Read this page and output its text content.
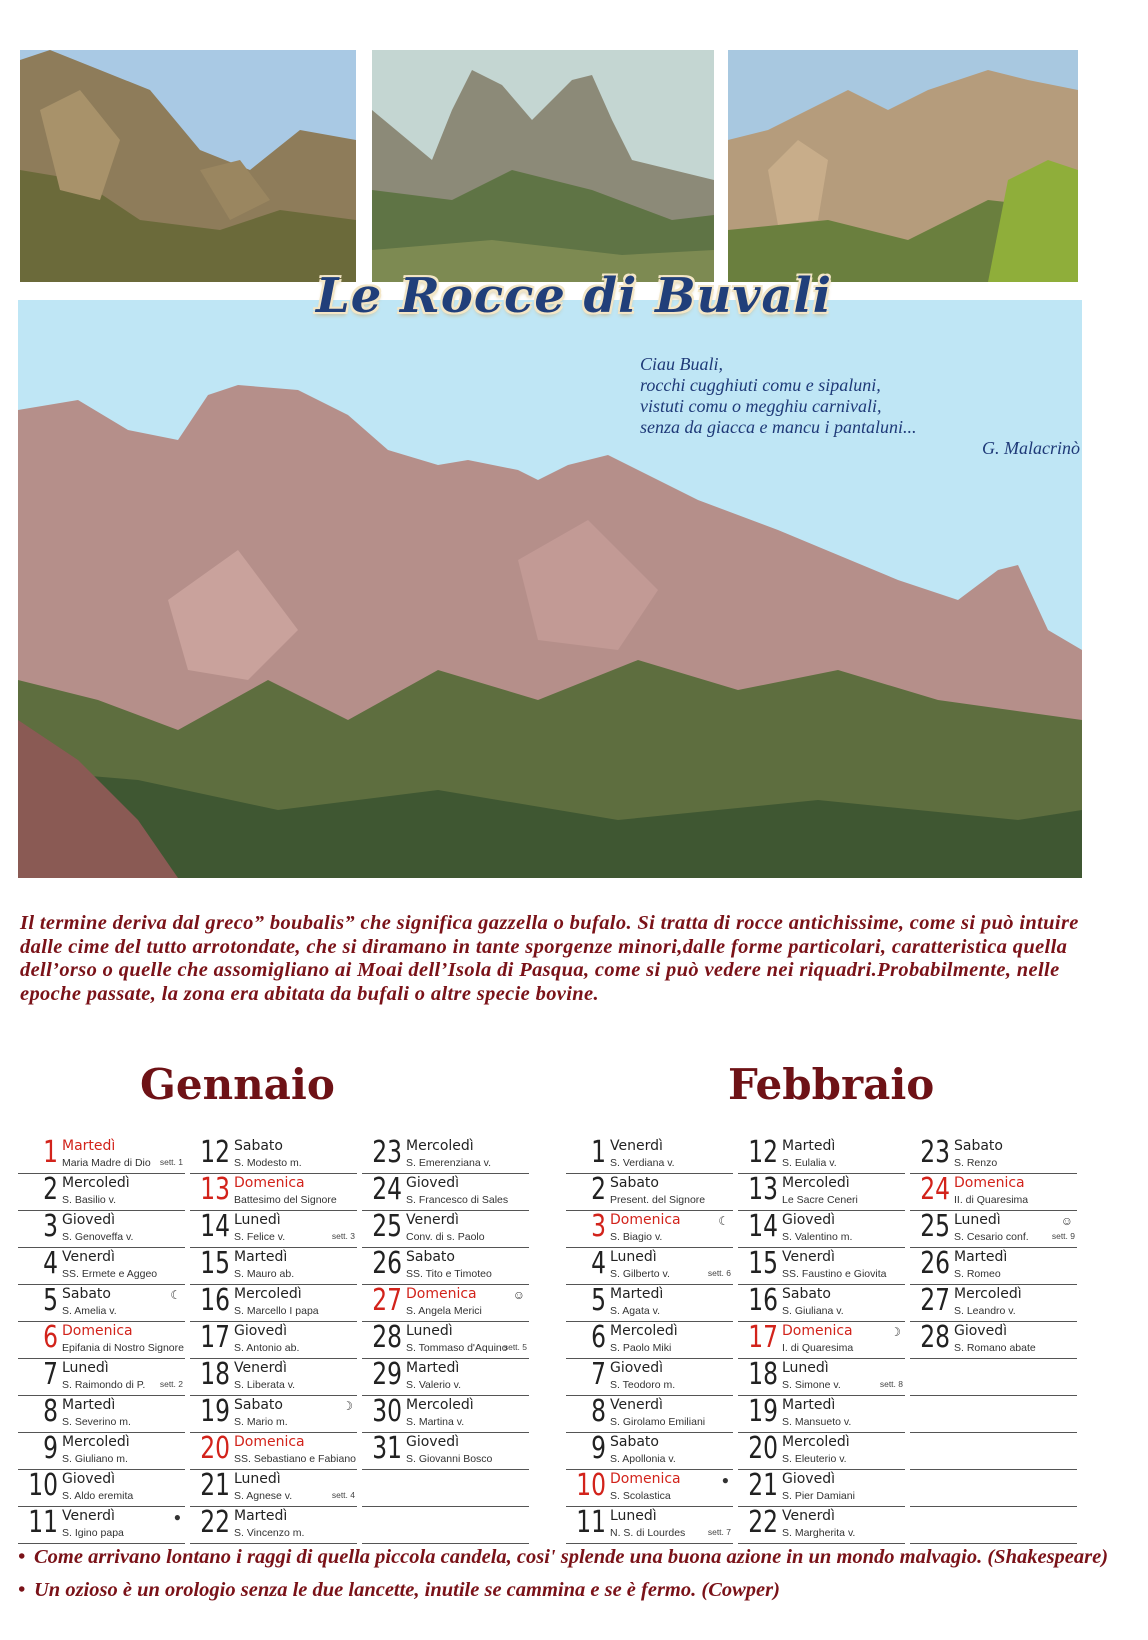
Le Rocce di Buvali
Ciau Buali,
rocchi cugghiuti comu e sipaluni,
vistuti comu o megghiu carnivali,
senza da giacca e mancu i pantaluni...
G. Malacrinò
Il termine deriva dal greco” boubalis” che significa gazzella o bufalo. Si tratta di rocce antichissime, come si può intuire dalle cime del tutto arrotondate, che si diramano in tante sporgenze minori,dalle forme particolari, caratteristica quella dell’orso o quelle che assomigliano ai Moai dell’Isola di Pasqua, come si può vedere nei riquadri.Probabilmente, nelle epoche passate, la zona era abitata da bufali o altre specie bovine.
Gennaio	Febbraio
1 Martedì
Maria Madre di Dio sett. 1
2 Mercoledì
S. Basilio v.
3 Giovedì
S. Genoveffa v.
4 Venerdì
SS. Ermete e Aggeo
5 Sabato
S. Amelia v.
☾
6 Domenica
Epifania di Nostro Signore
7 Lunedì
S. Raimondo di P. sett. 2
8 Martedì
S. Severino m.
9 Mercoledì
S. Giuliano m.
10 Giovedì
S. Aldo eremita
11 Venerdì
S. Igino papa
●
12 Sabato
S. Modesto m.
13 Domenica
Battesimo del Signore
14 Lunedì
S. Felice v.	sett. 3
15 Martedì
S. Mauro ab.
16 Mercoledì
S. Marcello I papa
17 Giovedì
S. Antonio ab.
18 Venerdì
S. Liberata v.
19 Sabato
S. Mario m.
☽
20 Domenica
SS. Sebastiano e Fabiano
21 Lunedì
S. Agnese v.	sett. 4
22 Martedì
S. Vincenzo m.
23 Mercoledì
S. Emerenziana v.
24 Giovedì
S. Francesco di Sales
25 Venerdì
Conv. di s. Paolo
26 Sabato
SS. Tito e Timoteo
27 Domenica
S. Angela Merici
☺
28 Lunedì
S. Tommaso d'Aquino
sett. 5
29 Martedì
S. Valerio v.
30 Mercoledì
S. Martina v.
31 Giovedì
S. Giovanni Bosco
1 Venerdì
S. Verdiana v.
2 Sabato
Present. del Signore
3 Domenica
S. Biagio v.
☾
4 Lunedì
S. Gilberto v.	sett. 6
5 Martedì
S. Agata v.
6 Mercoledì
S. Paolo Miki
7 Giovedì
S. Teodoro m.
8 Venerdì
S. Girolamo Emiliani
9 Sabato
S. Apollonia v.
10 Domenica
S. Scolastica
●
11 Lunedì
N. S. di Lourdes	sett. 7
12 Martedì
S. Eulalia v.
13 Mercoledì
Le Sacre Ceneri
14 Giovedì
S. Valentino m.
15 Venerdì
SS. Faustino e Giovita
16 Sabato
S. Giuliana v.
17 Domenica
I. di Quaresima
☽
18 Lunedì
S. Simone v.	sett. 8
19 Martedì
S. Mansueto v.
20 Mercoledì
S. Eleuterio v.
21 Giovedì
S. Pier Damiani
22 Venerdì
S. Margherita v.
23 Sabato
S. Renzo
24 Domenica
II. di Quaresima
25 Lunedì
S. Cesario conf.	sett. 9
☺
26 Martedì
S. Romeo
27 Mercoledì
S. Leandro v.
28 Giovedì
S. Romano abate
• Come arrivano lontano i raggi di quella piccola candela, cosi' splende una buona azione in un mondo malvagio. (Shakespeare)
• Un ozioso è un orologio senza le due lancette, inutile se cammina e se è fermo. (Cowper)
